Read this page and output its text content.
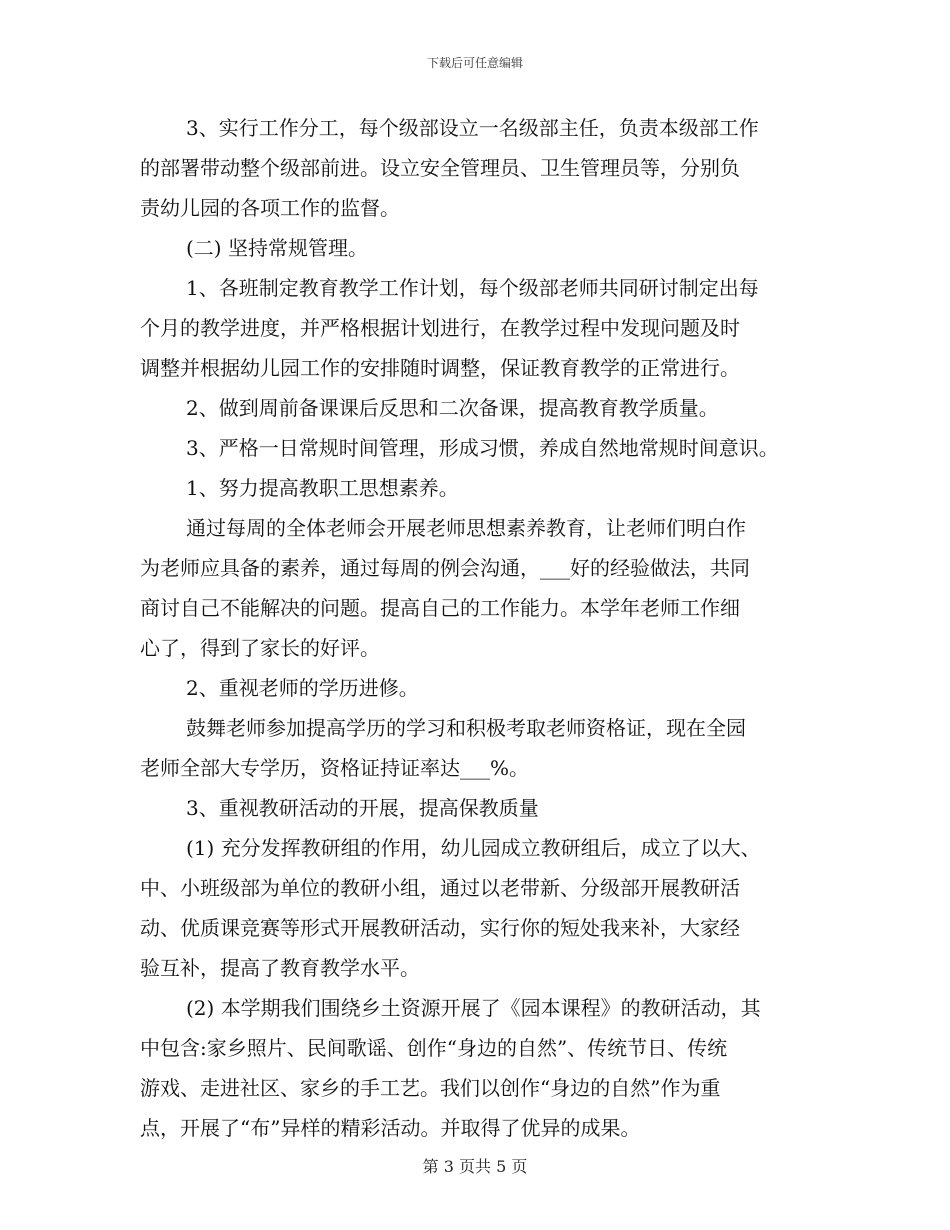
下载后可任意编辑
3、实行工作分工，每个级部设立一名级部主任，负责本级部工作
的部署带动整个级部前进。设立安全管理员、卫生管理员等，分别负
责幼儿园的各项工作的监督。
(二) 坚持常规管理。
1、各班制定教育教学工作计划，每个级部老师共同研讨制定出每
个月的教学进度，并严格根据计划进行，在教学过程中发现问题及时
调整并根据幼儿园工作的安排随时调整，保证教育教学的正常进行。
2、做到周前备课课后反思和二次备课，提高教育教学质量。
3、严格一日常规时间管理，形成习惯，养成自然地常规时间意识。
1、努力提高教职工思想素养。
通过每周的全体老师会开展老师思想素养教育，让老师们明白作
为老师应具备的素养，通过每周的例会沟通，___好的经验做法，共同
商讨自己不能解决的问题。提高自己的工作能力。本学年老师工作细
心了，得到了家长的好评。
2、重视老师的学历进修。
鼓舞老师参加提高学历的学习和积极考取老师资格证，现在全园
老师全部大专学历，资格证持证率达___%。
3、重视教研活动的开展，提高保教质量
(1) 充分发挥教研组的作用，幼儿园成立教研组后，成立了以大、
中、小班级部为单位的教研小组，通过以老带新、分级部开展教研活
动、优质课竞赛等形式开展教研活动，实行你的短处我来补，大家经
验互补，提高了教育教学水平。
(2) 本学期我们围绕乡土资源开展了《园本课程》的教研活动，其
中包含:家乡照片、民间歌谣、创作“身边的自然”、传统节日、传统
游戏、走进社区、家乡的手工艺。我们以创作“身边的自然”作为重
点，开展了“布”异样的精彩活动。并取得了优异的成果。
第 3 页共 5 页
